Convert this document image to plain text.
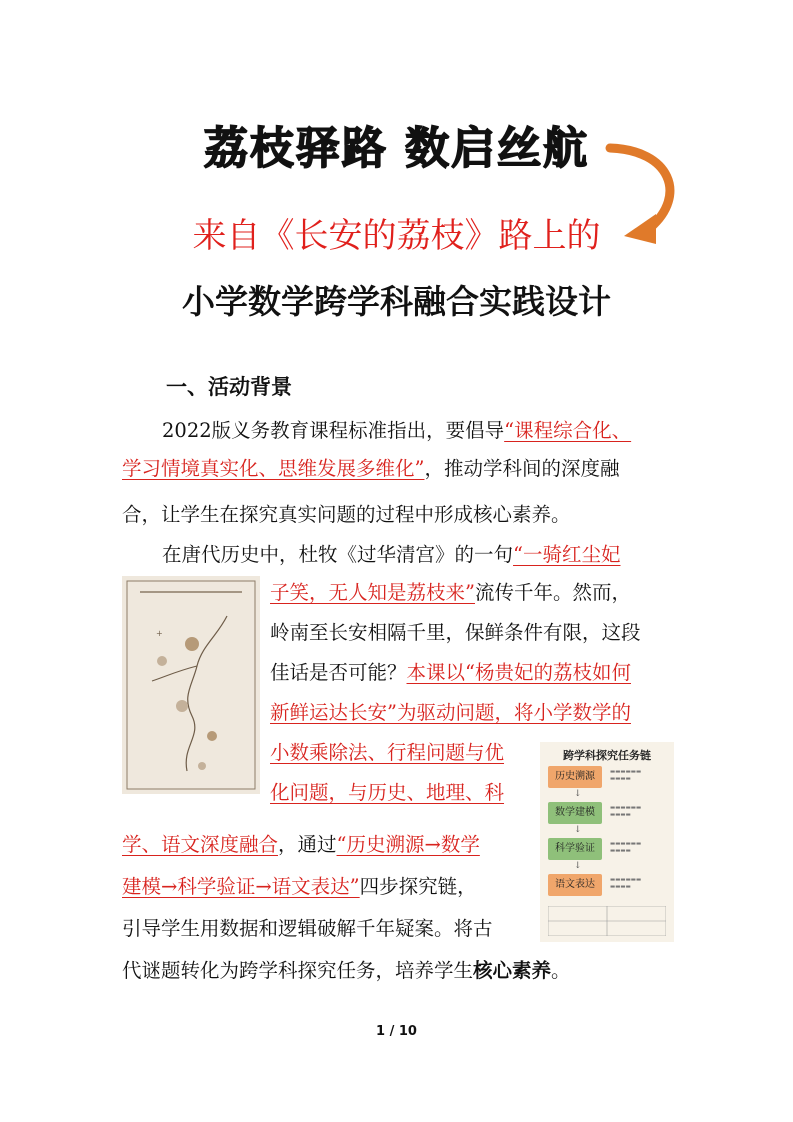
荔枝驿路 数启丝航
来自《长安的荔枝》路上的
小学数学跨学科融合实践设计
一、活动背景
2022版义务教育课程标准指出，要倡导“课程综合化、
学习情境真实化、思维发展多维化”，推动学科间的深度融
合，让学生在探究真实问题的过程中形成核心素养。
在唐代历史中，杜牧《过华清宫》的一句“一骑红尘妃
+
子笑，无人知是荔枝来”流传千年。然而，
岭南至长安相隔千里，保鲜条件有限，这段
佳话是否可能？本课以“杨贵妃的荔枝如何
新鲜运达长安”为驱动问题，将小学数学的
小数乘除法、行程问题与优
化问题，与历史、地理、科
跨学科探究任务链
历史溯源	▬▬▬▬▬▬
▬▬▬▬
↓
数学建模	▬▬▬▬▬▬
▬▬▬▬
↓
科学验证	▬▬▬▬▬▬
▬▬▬▬
↓
语文表达	▬▬▬▬▬▬
▬▬▬▬
学、语文深度融合，通过“历史溯源→数学
建模→科学验证→语文表达”四步探究链，
引导学生用数据和逻辑破解千年疑案。将古
代谜题转化为跨学科探究任务，培养学生核心素养。
1 / 10
